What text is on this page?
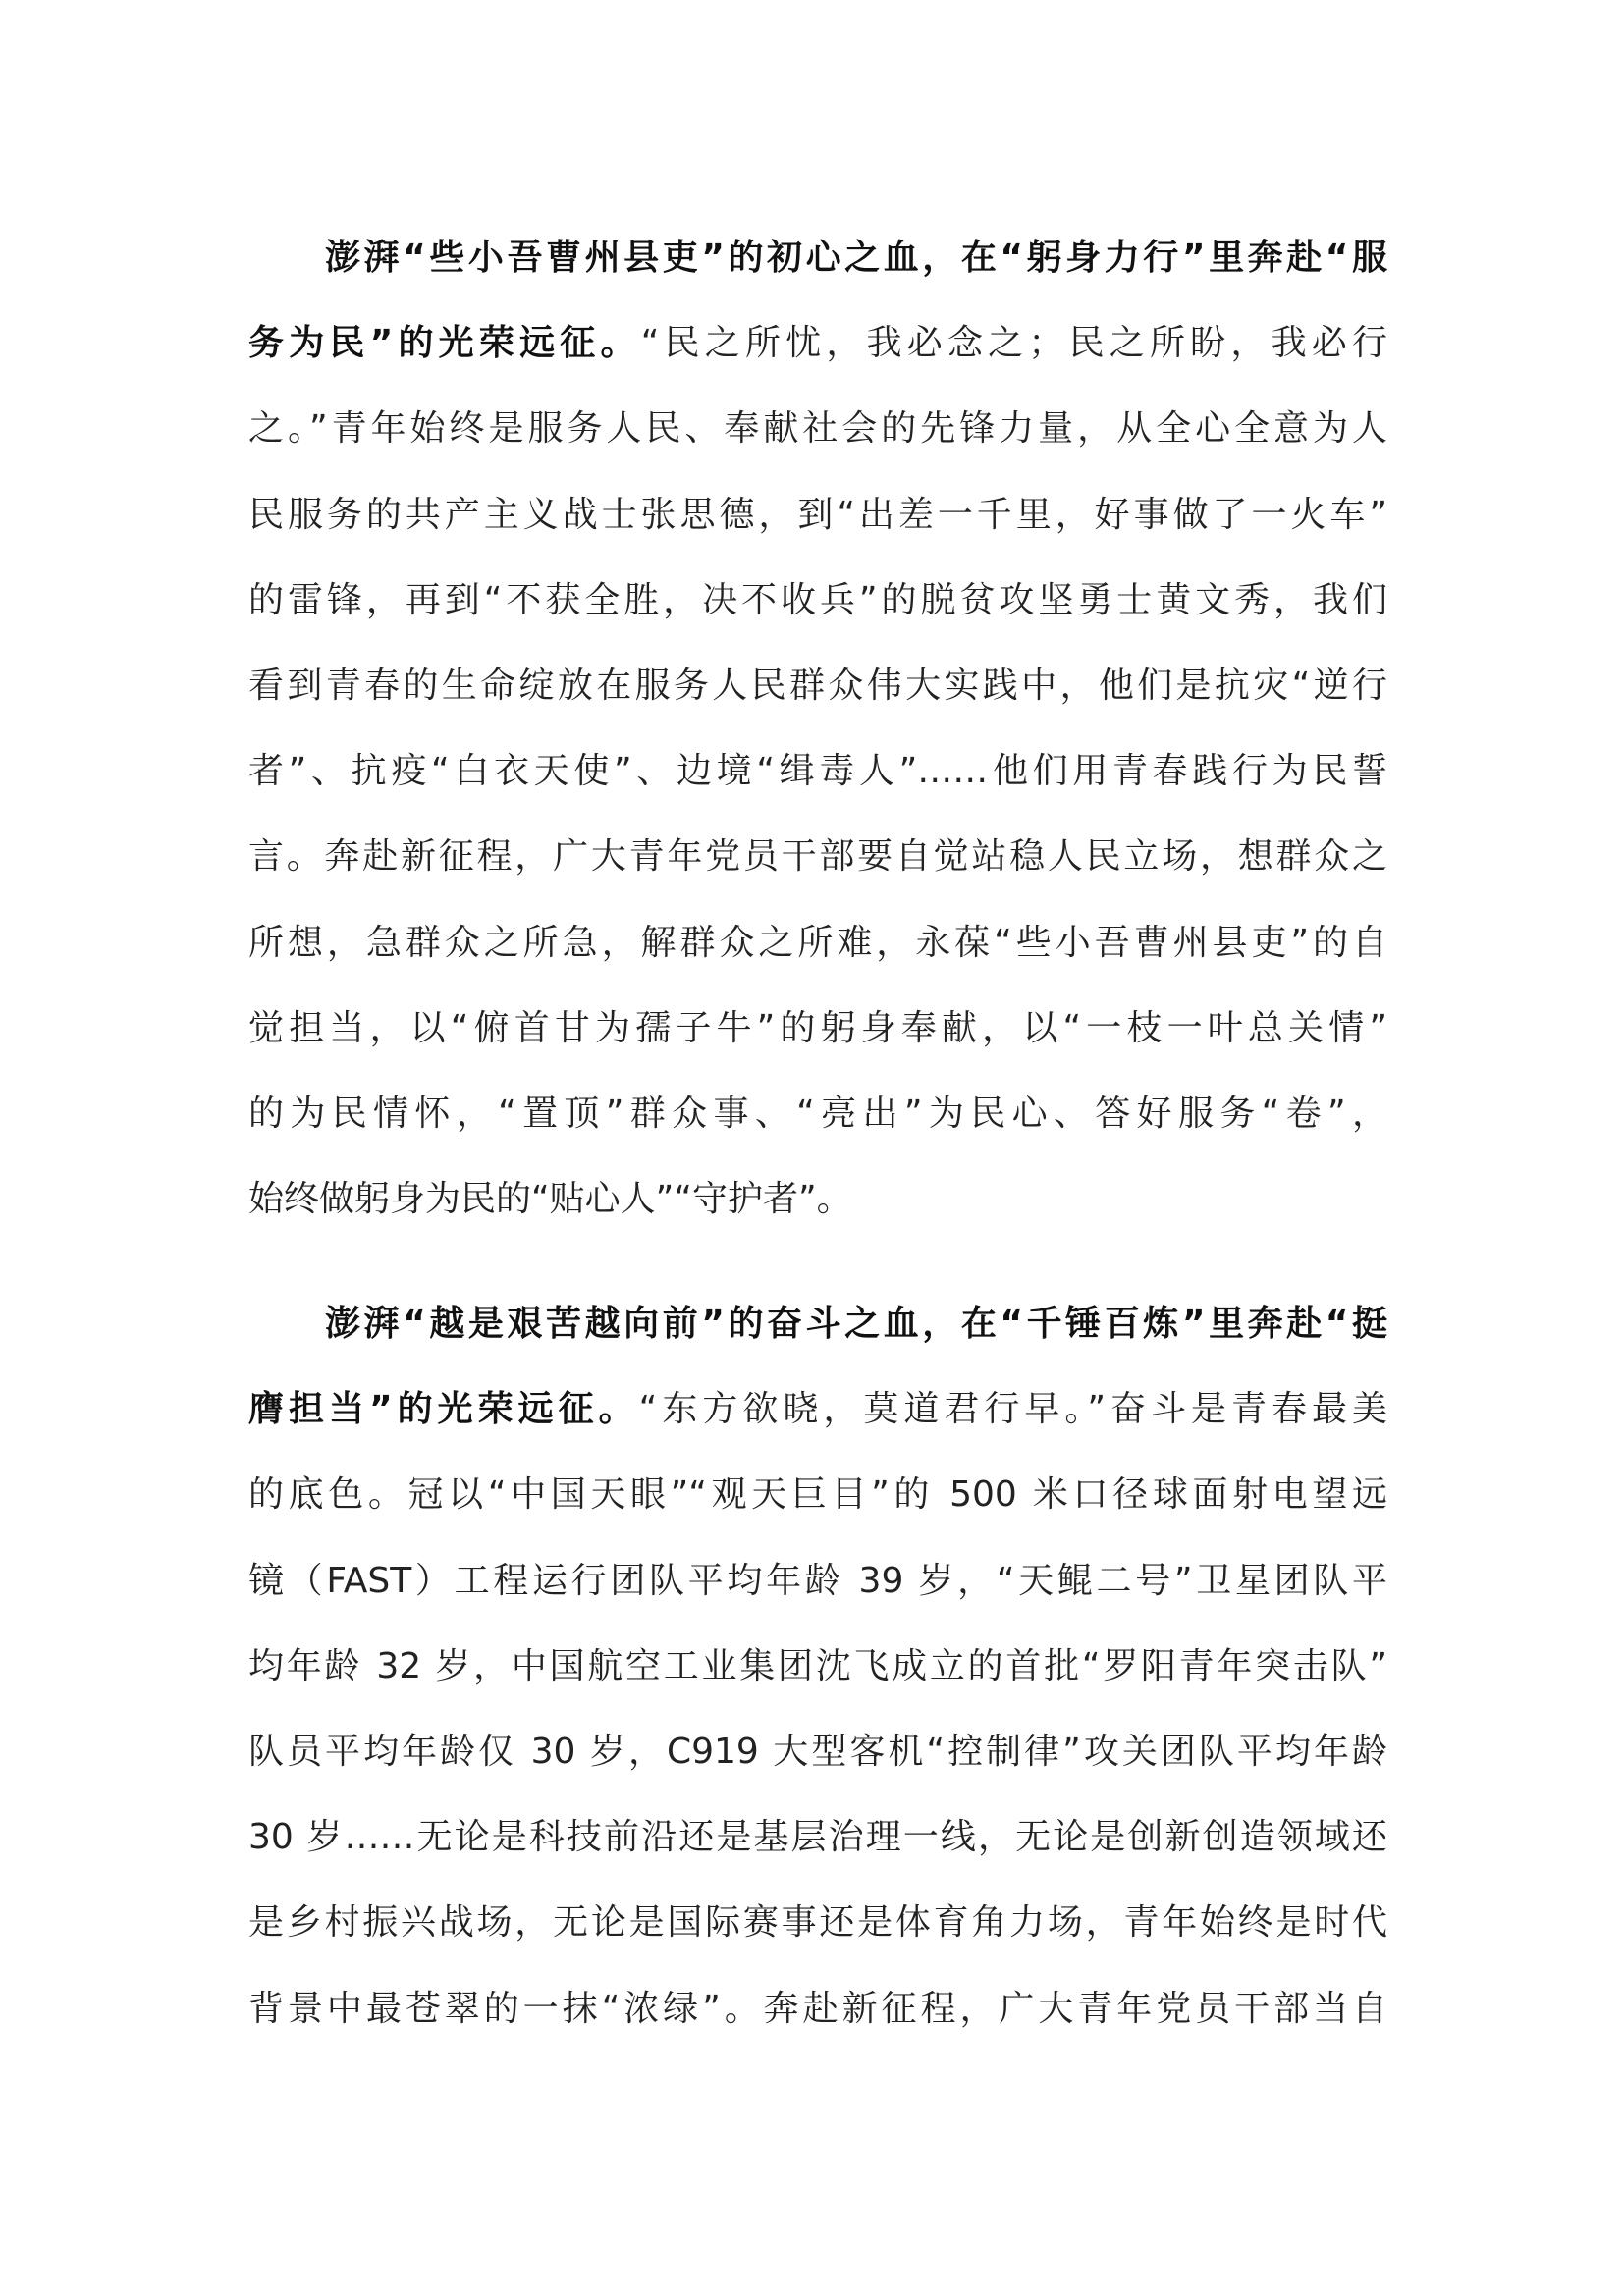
澎湃“些小吾曹州县吏”的初心之血，在“躬身力行”里奔赴“服
务为民”的光荣远征。“民之所忧，我必念之；民之所盼，我必行
之。”青年始终是服务人民、奉献社会的先锋力量，从全心全意为人
民服务的共产主义战士张思德，到“出差一千里，好事做了一火车”
的雷锋，再到“不获全胜，决不收兵”的脱贫攻坚勇士黄文秀，我们
看到青春的生命绽放在服务人民群众伟大实践中，他们是抗灾“逆行
者”、抗疫“白衣天使”、边境“缉毒人”……他们用青春践行为民誓
言。奔赴新征程，广大青年党员干部要自觉站稳人民立场，想群众之
所想，急群众之所急，解群众之所难，永葆“些小吾曹州县吏”的自
觉担当，以“俯首甘为孺子牛”的躬身奉献，以“一枝一叶总关情”
的为民情怀，“置顶”群众事、“亮出”为民心、答好服务“卷”，
始终做躬身为民的“贴心人”“守护者”。
澎湃“越是艰苦越向前”的奋斗之血，在“千锤百炼”里奔赴“挺
膺担当”的光荣远征。“东方欲晓，莫道君行早。”奋斗是青春最美
的底色。冠以“中国天眼”“观天巨目”的 500 米口径球面射电望远
镜（FAST）工程运行团队平均年龄 39 岁，“天鲲二号”卫星团队平
均年龄 32 岁，中国航空工业集团沈飞成立的首批“罗阳青年突击队”
队员平均年龄仅 30 岁，C919 大型客机“控制律”攻关团队平均年龄
30 岁……无论是科技前沿还是基层治理一线，无论是创新创造领域还
是乡村振兴战场，无论是国际赛事还是体育角力场，青年始终是时代
背景中最苍翠的一抹“浓绿”。奔赴新征程，广大青年党员干部当自
